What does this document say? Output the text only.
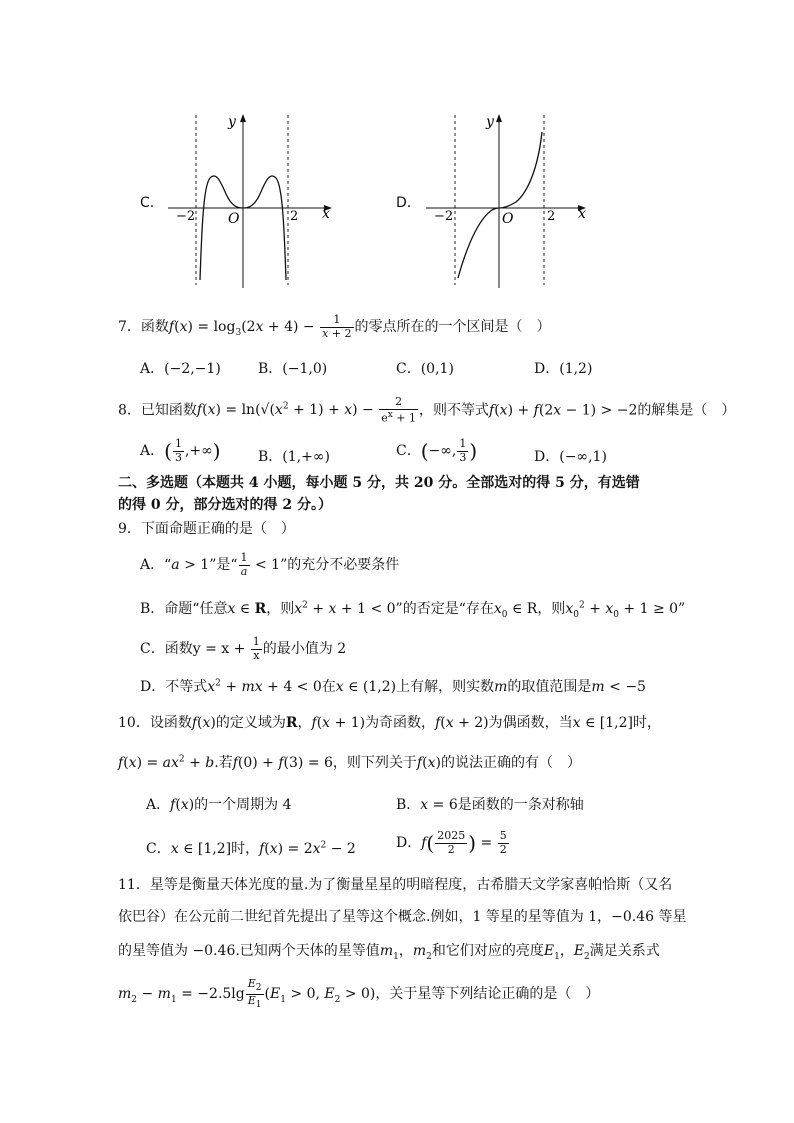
C．
y
x
O
−2	2
D．
y
x
O
−2	2
7．函数$f(x) = \log_3(2x + 4) - \frac{1}{x + 2}$ 的零点所在的一个区间是（　）
A．(−2,−1)	B．(−1,0)	C．(0,1)	D．(1,2)
8．已知函数$f(x) = \ln(√(x^2 + 1) + x) - \frac{2}{e^x + 1}$ ，则不等式f(x) + f(2x − 1) > −2的解集是（　）
A．( $\frac{1}{3}$ ,+∞)	B．(1,+∞)	C．(−∞, $\frac{1}{3}$ )	D．(−∞,1)
二、多选题（本题共 4 小题，每小题 5 分，共 20 分。全部选对的得 5 分，有选错
的得 0 分，部分选对的得 2 分。）
9．下面命题正确的是（　）
A．“a > 1”是“ $\frac{1}{a} < 1$”的充分不必要条件
B．命题“任意x ∈ R，则$x^2 + x + 1 < 0$”的否定是“存在$x_0$ ∈ R，则$x_0^2 + x_0 + 1 \ge 0$”
C．函数$y = x + \frac{1}{x}$ 的最小值为 2
D．不等式$x^2$ + mx + 4 < 0在x ∈ (1,2)上有解，则实数m的取值范围是m < −5
10．设函数f(x)的定义域为R，f(x + 1)为奇函数，f(x + 2)为偶函数，当x ∈ [1,2]时，
$f(x) = ax^2 + b$.若f(0) + f(3) = 6，则下列关于f(x)的说法正确的有（　）
A．f(x)的一个周期为 4	B．x = 6是函数的一条对称轴
C．x ∈ [1,2]时，$f(x) = 2x^2 - 2$	D．$f( \frac{2025}{2}$ ) = $\frac{5}{2}$
11．星等是衡量天体光度的量.为了衡量星星的明暗程度，古希腊天文学家喜帕恰斯（又名
依巴谷）在公元前二世纪首先提出了星等这个概念.例如，1 等星的星等值为 1，−0.46 等星
的星等值为 −0.46.已知两个天体的星等值$m_1$，$m_2$和它们对应的亮度$E_1$，$E_2$满足关系式
$m_2 - m_1 = -2.5\lg \frac{E_2}{E_1} (E_1 > 0$, $E_2 > 0$)，关于星等下列结论正确的是（　）
